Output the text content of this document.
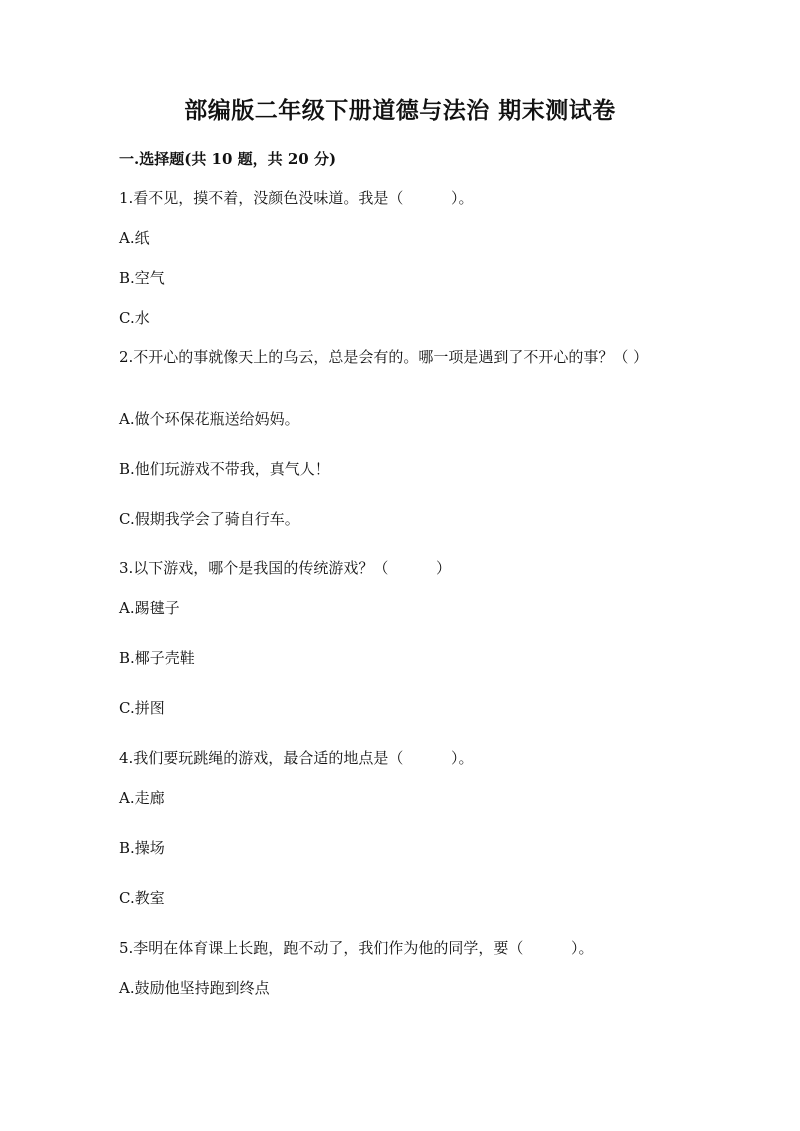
部编版二年级下册道德与法治 期末测试卷
一.选择题(共 10 题，共 20 分)
1.看不见，摸不着，没颜色没味道。我是（          ）。
A.纸
B.空气
C.水
2.不开心的事就像天上的乌云，总是会有的。哪一项是遇到了不开心的事？（ ）
A.做个环保花瓶送给妈妈。
B.他们玩游戏不带我，真气人！
C.假期我学会了骑自行车。
3.以下游戏，哪个是我国的传统游戏？（          ）
A.踢毽子
B.椰子壳鞋
C.拼图
4.我们要玩跳绳的游戏，最合适的地点是（          ）。
A.走廊
B.操场
C.教室
5.李明在体育课上长跑，跑不动了，我们作为他的同学，要（          ）。
A.鼓励他坚持跑到终点
